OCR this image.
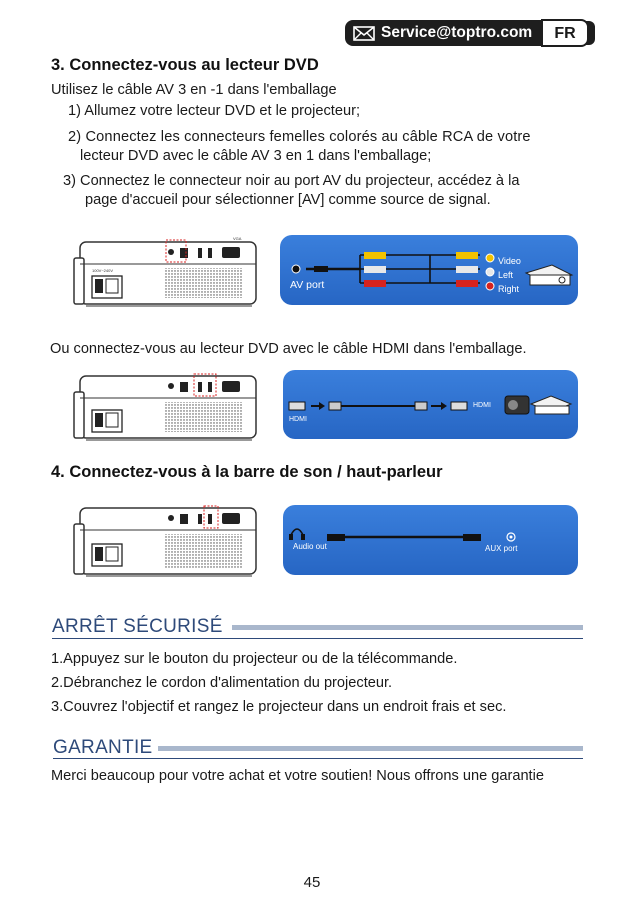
Service@toptro.com	FR
3. Connectez-vous au lecteur DVD
Utilisez le câble AV 3 en -1 dans l'emballage
1) Allumez votre lecteur DVD et le projecteur;
2) Connectez les connecteurs femelles colorés au câble RCA de votre
lecteur DVD avec le câble AV 3 en 1 dans l'emballage;
3) Connectez le connecteur noir au port AV du projecteur, accédez à la
page d'accueil pour sélectionner [AV] comme source de signal.
100V~240V
VGA
AV port
Video
Left
Right
Ou connectez-vous au lecteur DVD avec le câble HDMI dans l'emballage.
HDMI
HDMI
4. Connectez-vous à la barre de son / haut-parleur
Audio out	AUX port
ARRÊT SÉCURISÉ
1.Appuyez sur le bouton du projecteur ou de la télécommande.
2.Débranchez le cordon d'alimentation du projecteur.
3.Couvrez l'objectif et rangez le projecteur dans un endroit frais et sec.
GARANTIE
Merci beaucoup pour votre achat et votre soutien! Nous offrons une garantie
45
